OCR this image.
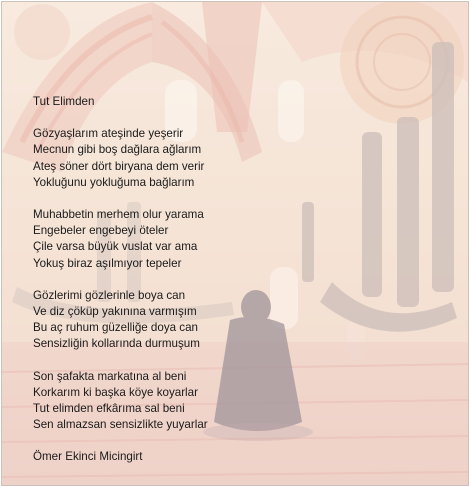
Tut Elimden
Gözyaşlarım ateşinde yeşerir
Mecnun gibi boş dağlara ağlarım
Ateş söner dört biryana dem verir
Yokluğunu yokluğuma bağlarım
Muhabbetin merhem olur yarama
Engebeler engebeyi öteler
Çile varsa büyük vuslat var ama
Yokuş biraz aşılmıyor tepeler
Gözlerimi gözlerinle boya can
Ve diz çöküp yakınına varmışım
Bu aç ruhum güzelliğe doya can
Sensizliğin kollarında durmuşum
Son şafakta markatına al beni
Korkarım ki başka köye koyarlar
Tut elimden efkârıma sal beni
Sen almazsan sensizlikte yuyarlar
Ömer Ekinci Micingirt
